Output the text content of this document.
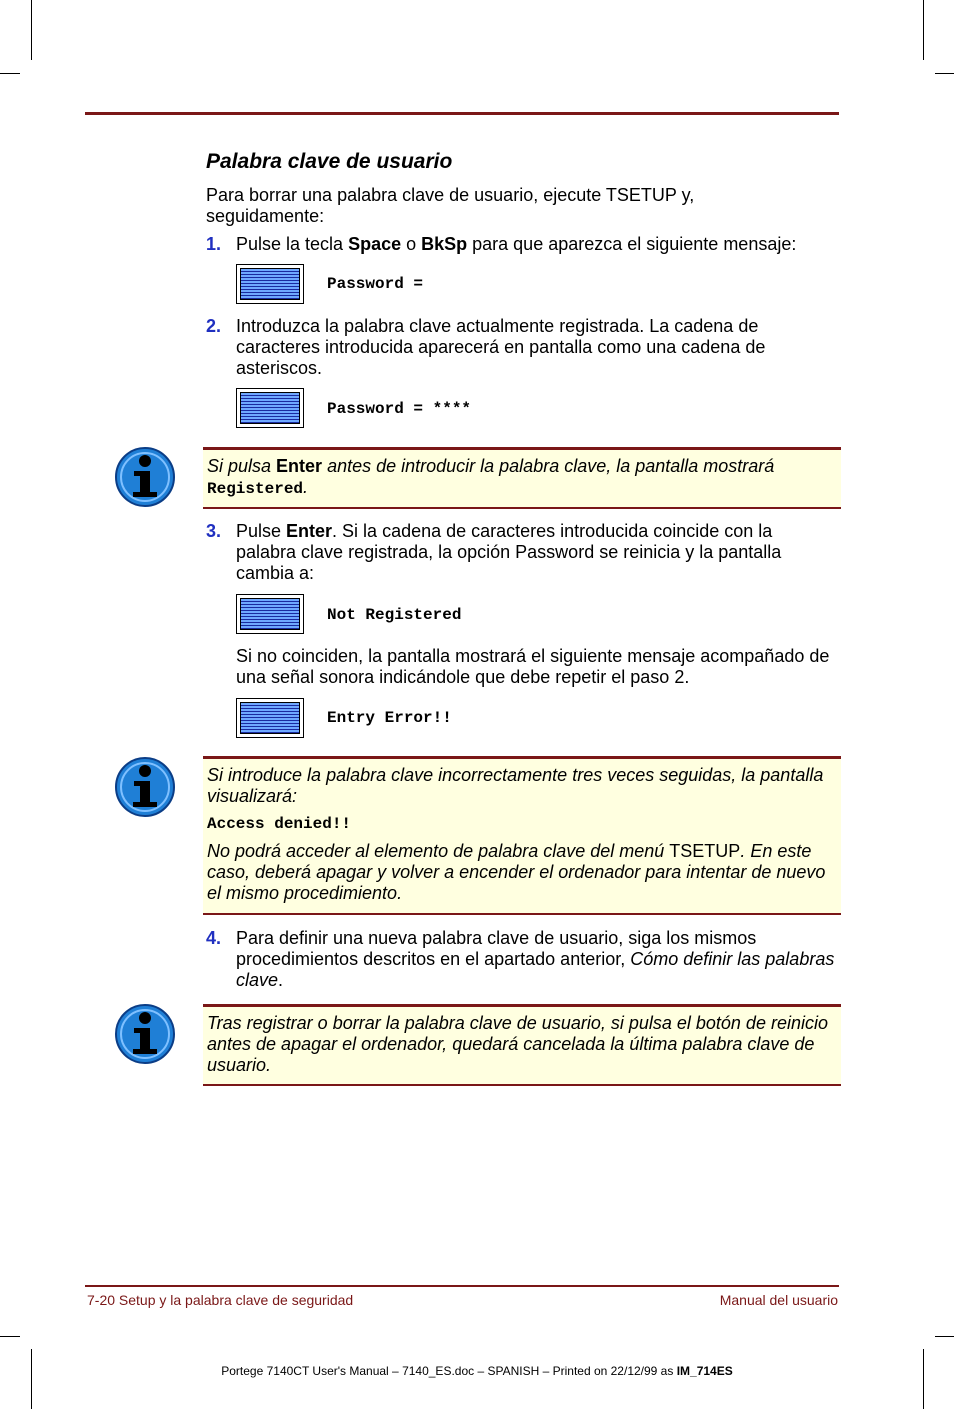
Palabra clave de usuario
Para borrar una palabra clave de usuario, ejecute TSETUP y, seguidamente:
1. Pulse la tecla Space o BkSp para que aparezca el siguiente mensaje:
Password =
2. Introduzca la palabra clave actualmente registrada. La cadena de caracteres introducida aparecerá en pantalla como una cadena de asteriscos.
Password = ****
Si pulsa Enter antes de introducir la palabra clave, la pantalla mostrará Registered.
3. Pulse Enter. Si la cadena de caracteres introducida coincide con la palabra clave registrada, la opción Password se reinicia y la pantalla cambia a:
Not Registered
Si no coinciden, la pantalla mostrará el siguiente mensaje acompañado de una señal sonora indicándole que debe repetir el paso 2.
Entry Error!!
Si introduce la palabra clave incorrectamente tres veces seguidas, la pantalla visualizará:
Access denied!!
No podrá acceder al elemento de palabra clave del menú TSETUP. En este caso, deberá apagar y volver a encender el ordenador para intentar de nuevo el mismo procedimiento.
4. Para definir una nueva palabra clave de usuario, siga los mismos procedimientos descritos en el apartado anterior, Cómo definir las palabras clave.
Tras registrar o borrar la palabra clave de usuario, si pulsa el botón de reinicio antes de apagar el ordenador, quedará cancelada la última palabra clave de usuario.
7-20 Setup y la palabra clave de seguridad	Manual del usuario
Portege 7140CT User's Manual – 7140_ES.doc – SPANISH – Printed on 22/12/99 as IM_714ES
